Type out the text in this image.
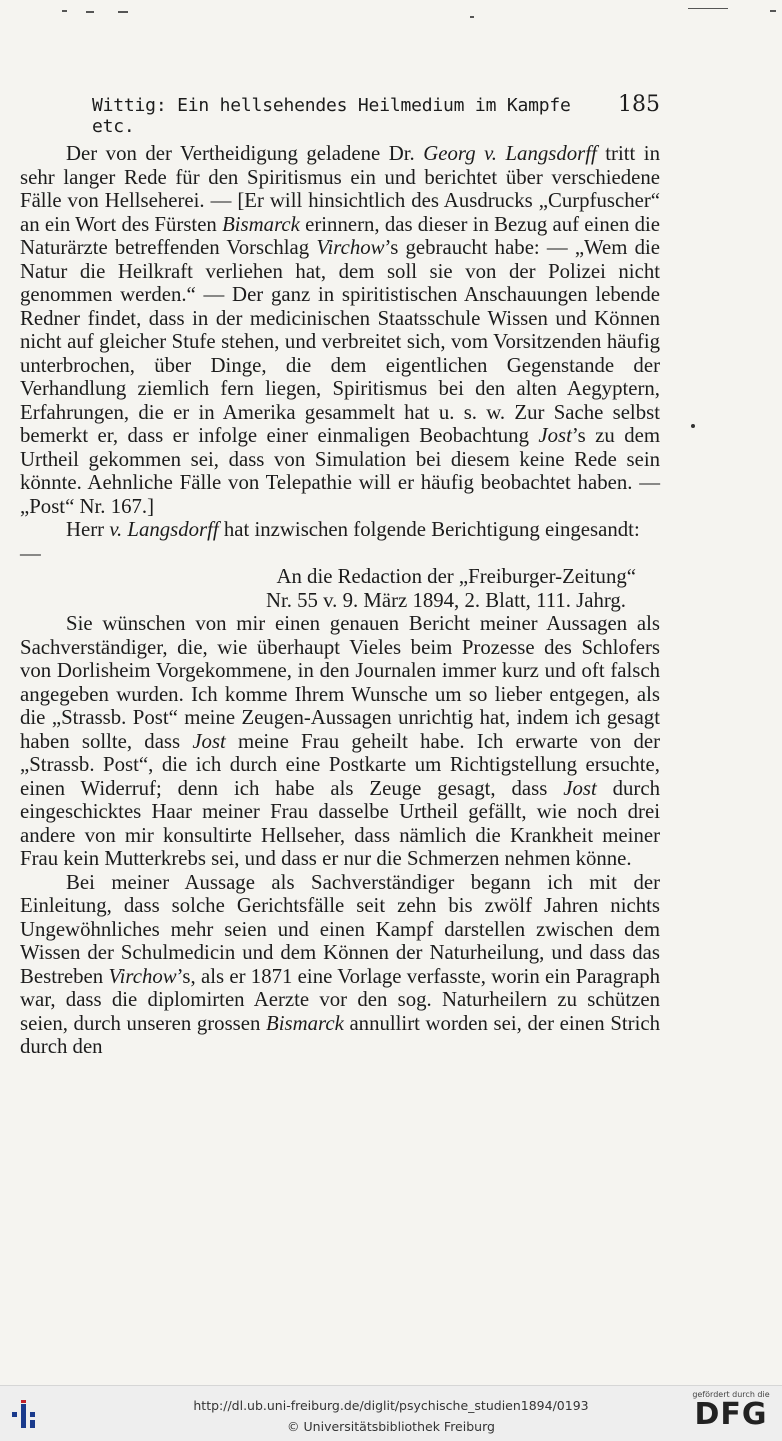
Wittig: Ein hellsehendes Heilmedium im Kampfe etc.
185

Der von der Vertheidigung geladene Dr. Georg v. Langsdorff tritt in sehr langer Rede für den Spiritismus ein und berichtet über verschiedene Fälle von Hellseherei. — [Er will hinsichtlich des Ausdrucks „Curpfuscher“ an ein Wort des Fürsten Bismarck erinnern, das dieser in Bezug auf einen die Naturärzte betreffenden Vorschlag Virchow’s gebraucht habe: — „Wem die Natur die Heilkraft verliehen hat, dem soll sie von der Polizei nicht genommen werden.“ — Der ganz in spiritistischen Anschauungen lebende Redner findet, dass in der medicinischen Staatsschule Wissen und Können nicht auf gleicher Stufe stehen, und verbreitet sich, vom Vorsitzenden häufig unterbrochen, über Dinge, die dem eigentlichen Gegenstande der Verhandlung ziemlich fern liegen, Spiritismus bei den alten Aegyptern, Erfahrungen, die er in Amerika gesammelt hat u. s. w. Zur Sache selbst bemerkt er, dass er infolge einer einmaligen Beobachtung Jost’s zu dem Urtheil gekommen sei, dass von Simulation bei diesem keine Rede sein könnte. Aehnliche Fälle von Telepathie will er häufig beobachtet haben. — „Post“ Nr. 167.]

Herr v. Langsdorff hat inzwischen folgende Berichtigung eingesandt: —

An die Redaction der „Freiburger-Zeitung“

Nr. 55 v. 9. März 1894, 2. Blatt, 111. Jahrg.

Sie wünschen von mir einen genauen Bericht meiner Aussagen als Sachverständiger, die, wie überhaupt Vieles beim Prozesse des Schlofers von Dorlisheim Vorgekommene, in den Journalen immer kurz und oft falsch angegeben wurden. Ich komme Ihrem Wunsche um so lieber entgegen, als die „Strassb. Post“ meine Zeugen-Aussagen unrichtig hat, indem ich gesagt haben sollte, dass Jost meine Frau geheilt habe. Ich erwarte von der „Strassb. Post“, die ich durch eine Postkarte um Richtigstellung ersuchte, einen Widerruf; denn ich habe als Zeuge gesagt, dass Jost durch eingeschicktes Haar meiner Frau dasselbe Urtheil gefällt, wie noch drei andere von mir konsultirte Hellseher, dass nämlich die Krankheit meiner Frau kein Mutterkrebs sei, und dass er nur die Schmerzen nehmen könne.

Bei meiner Aussage als Sachverständiger begann ich mit der Einleitung, dass solche Gerichtsfälle seit zehn bis zwölf Jahren nichts Ungewöhnliches mehr seien und einen Kampf darstellen zwischen dem Wissen der Schulmedicin und dem Können der Naturheilung, und dass das Bestreben Virchow’s, als er 1871 eine Vorlage verfasste, worin ein Paragraph war, dass die diplomirten Aerzte vor den sog. Naturheilern zu schützen seien, durch unseren grossen Bismarck annullirt worden sei, der einen Strich durch den

http://dl.ub.uni-freiburg.de/diglit/psychische_studien1894/0193
© Universitätsbibliothek Freiburg
gefördert durch die
DFG
